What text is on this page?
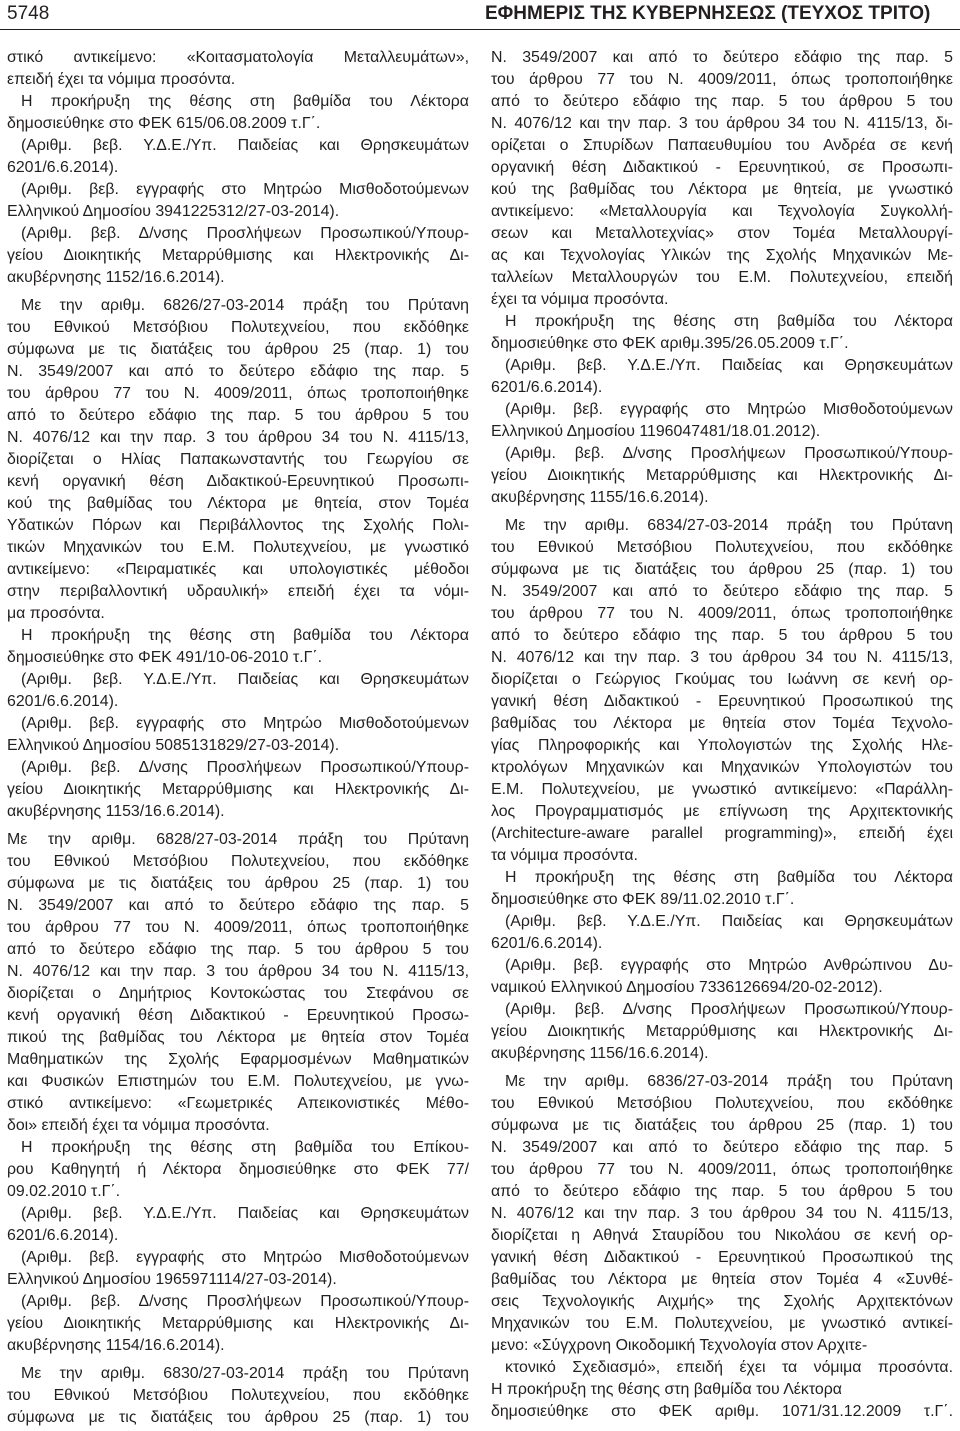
5748	ΕΦΗΜΕΡΙΣ ΤΗΣ ΚΥΒΕΡΝΗΣΕΩΣ (ΤΕΥΧΟΣ ΤΡΙΤΟ)
στικό αντικείμενο: «Κοιτασματολογία Μεταλλευμάτων»,
επειδή έχει τα νόμιμα προσόντα.
Η προκήρυξη της θέσης στη βαθμίδα του Λέκτορα
δημοσιεύθηκε στο ΦΕΚ 615/06.08.2009 τ.Γ΄.
(Αριθμ. βεβ. Υ.Δ.Ε./Υπ. Παιδείας και Θρησκευμάτων
6201/6.6.2014).
(Αριθμ. βεβ. εγγραφής στο Μητρώο Μισθοδοτούμενων
Ελληνικού Δημοσίου 3941225312/27-03-2014).
(Αριθμ. βεβ. Δ/νσης Προσλήψεων Προσωπικού/Υπουρ-
γείου Διοικητικής Μεταρρύθμισης και Ηλεκτρονικής Δι-
ακυβέρνησης 1152/16.6.2014).
Με την αριθμ. 6826/27-03-2014 πράξη του Πρύτανη
του Εθνικού Μετσόβιου Πολυτεχνείου, που εκδόθηκε
σύμφωνα με τις διατάξεις του άρθρου 25 (παρ. 1) του
Ν. 3549/2007 και από το δεύτερο εδάφιο της παρ. 5
του άρθρου 77 του Ν. 4009/2011, όπως τροποποιήθηκε
από το δεύτερο εδάφιο της παρ. 5 του άρθρου 5 του
Ν. 4076/12 και την παρ. 3 του άρθρου 34 του Ν. 4115/13,
διορίζεται ο Ηλίας Παπακωνσταντής του Γεωργίου σε
κενή οργανική θέση Διδακτικού-Ερευνητικού Προσωπι-
κού της βαθμίδας του Λέκτορα με θητεία, στον Τομέα
Υδατικών Πόρων και Περιβάλλοντος της Σχολής Πολι-
τικών Μηχανικών του Ε.Μ. Πολυτεχνείου, με γνωστικό
αντικείμενο: «Πειραματικές και υπολογιστικές μέθοδοι
στην περιβαλλοντική υδραυλική» επειδή έχει τα νόμι-
μα προσόντα.
Η προκήρυξη της θέσης στη βαθμίδα του Λέκτορα
δημοσιεύθηκε στο ΦΕΚ 491/10-06-2010 τ.Γ΄.
(Αριθμ. βεβ. Υ.Δ.Ε./Υπ. Παιδείας και Θρησκευμάτων
6201/6.6.2014).
(Αριθμ. βεβ. εγγραφής στο Μητρώο Μισθοδοτούμενων
Ελληνικού Δημοσίου 5085131829/27-03-2014).
(Αριθμ. βεβ. Δ/νσης Προσλήψεων Προσωπικού/Υπουρ-
γείου Διοικητικής Μεταρρύθμισης και Ηλεκτρονικής Δι-
ακυβέρνησης 1153/16.6.2014).
Με την αριθμ. 6828/27-03-2014 πράξη του Πρύτανη
του Εθνικού Μετσόβιου Πολυτεχνείου, που εκδόθηκε
σύμφωνα με τις διατάξεις του άρθρου 25 (παρ. 1) του
Ν. 3549/2007 και από το δεύτερο εδάφιο της παρ. 5
του άρθρου 77 του Ν. 4009/2011, όπως τροποποιήθηκε
από το δεύτερο εδάφιο της παρ. 5 του άρθρου 5 του
Ν. 4076/12 και την παρ. 3 του άρθρου 34 του Ν. 4115/13,
διορίζεται ο Δημήτριος Κοντοκώστας του Στεφάνου σε
κενή οργανική θέση Διδακτικού - Ερευνητικού Προσω-
πικού της βαθμίδας του Λέκτορα με θητεία στον Τομέα
Μαθηματικών της Σχολής Εφαρμοσμένων Μαθηματικών
και Φυσικών Επιστημών του Ε.Μ. Πολυτεχνείου, με γνω-
στικό αντικείμενο: «Γεωμετρικές Απεικονιστικές Μέθο-
δοι» επειδή έχει τα νόμιμα προσόντα.
Η προκήρυξη της θέσης στη βαθμίδα του Επίκου-
ρου Καθηγητή ή Λέκτορα δημοσιεύθηκε στο ΦΕΚ 77/
09.02.2010 τ.Γ΄.
(Αριθμ. βεβ. Υ.Δ.Ε./Υπ. Παιδείας και Θρησκευμάτων
6201/6.6.2014).
(Αριθμ. βεβ. εγγραφής στο Μητρώο Μισθοδοτούμενων
Ελληνικού Δημοσίου 1965971114/27-03-2014).
(Αριθμ. βεβ. Δ/νσης Προσλήψεων Προσωπικού/Υπουρ-
γείου Διοικητικής Μεταρρύθμισης και Ηλεκτρονικής Δι-
ακυβέρνησης 1154/16.6.2014).
Με την αριθμ. 6830/27-03-2014 πράξη του Πρύτανη
του Εθνικού Μετσόβιου Πολυτεχνείου, που εκδόθηκε
σύμφωνα με τις διατάξεις του άρθρου 25 (παρ. 1) του
Ν. 3549/2007 και από το δεύτερο εδάφιο της παρ. 5
του άρθρου 77 του Ν. 4009/2011, όπως τροποποιήθηκε
από το δεύτερο εδάφιο της παρ. 5 του άρθρου 5 του
Ν. 4076/12 και την παρ. 3 του άρθρου 34 του Ν. 4115/13, δι-
ορίζεται ο Σπυρίδων Παπαευθυμίου του Ανδρέα σε κενή
οργανική θέση Διδακτικού - Ερευνητικού, σε Προσωπι-
κού της βαθμίδας του Λέκτορα με θητεία, με γνωστικό
αντικείμενο: «Μεταλλουργία και Τεχνολογία Συγκολλή-
σεων και Μεταλλοτεχνίας» στον Τομέα Μεταλλουργί-
ας και Τεχνολογίας Υλικών της Σχολής Μηχανικών Με-
ταλλείων Μεταλλουργών του Ε.Μ. Πολυτεχνείου, επειδή
έχει τα νόμιμα προσόντα.
Η προκήρυξη της θέσης στη βαθμίδα του Λέκτορα
δημοσιεύθηκε στο ΦΕΚ αριθμ.395/26.05.2009 τ.Γ΄.
(Αριθμ. βεβ. Υ.Δ.Ε./Υπ. Παιδείας και Θρησκευμάτων
6201/6.6.2014).
(Αριθμ. βεβ. εγγραφής στο Μητρώο Μισθοδοτούμενων
Ελληνικού Δημοσίου 1196047481/18.01.2012).
(Αριθμ. βεβ. Δ/νσης Προσλήψεων Προσωπικού/Υπουρ-
γείου Διοικητικής Μεταρρύθμισης και Ηλεκτρονικής Δι-
ακυβέρνησης 1155/16.6.2014).
Με την αριθμ. 6834/27-03-2014 πράξη του Πρύτανη
του Εθνικού Μετσόβιου Πολυτεχνείου, που εκδόθηκε
σύμφωνα με τις διατάξεις του άρθρου 25 (παρ. 1) του
Ν. 3549/2007 και από το δεύτερο εδάφιο της παρ. 5
του άρθρου 77 του Ν. 4009/2011, όπως τροποποιήθηκε
από το δεύτερο εδάφιο της παρ. 5 του άρθρου 5 του
Ν. 4076/12 και την παρ. 3 του άρθρου 34 του Ν. 4115/13,
διορίζεται ο Γεώργιος Γκούμας του Ιωάννη σε κενή ορ-
γανική θέση Διδακτικού - Ερευνητικού Προσωπικού της
βαθμίδας του Λέκτορα με θητεία στον Τομέα Τεχνολο-
γίας Πληροφορικής και Υπολογιστών της Σχολής Ηλε-
κτρολόγων Μηχανικών και Μηχανικών Υπολογιστών του
Ε.Μ. Πολυτεχνείου, με γνωστικό αντικείμενο: «Παράλλη-
λος Προγραμματισμός με επίγνωση της Αρχιτεκτονικής
(Architecture-aware parallel programming)», επειδή έχει
τα νόμιμα προσόντα.
Η προκήρυξη της θέσης στη βαθμίδα του Λέκτορα
δημοσιεύθηκε στο ΦΕΚ 89/11.02.2010 τ.Γ΄.
(Αριθμ. βεβ. Υ.Δ.Ε./Υπ. Παιδείας και Θρησκευμάτων
6201/6.6.2014).
(Αριθμ. βεβ. εγγραφής στο Μητρώο Ανθρώπινου Δυ-
ναμικού Ελληνικού Δημοσίου 7336126694/20-02-2012).
(Αριθμ. βεβ. Δ/νσης Προσλήψεων Προσωπικού/Υπουρ-
γείου Διοικητικής Μεταρρύθμισης και Ηλεκτρονικής Δι-
ακυβέρνησης 1156/16.6.2014).
Με την αριθμ. 6836/27-03-2014 πράξη του Πρύτανη
του Εθνικού Μετσόβιου Πολυτεχνείου, που εκδόθηκε
σύμφωνα με τις διατάξεις του άρθρου 25 (παρ. 1) του
Ν. 3549/2007 και από το δεύτερο εδάφιο της παρ. 5
του άρθρου 77 του Ν. 4009/2011, όπως τροποποιήθηκε
από το δεύτερο εδάφιο της παρ. 5 του άρθρου 5 του
Ν. 4076/12 και την παρ. 3 του άρθρου 34 του Ν. 4115/13,
διορίζεται η Αθηνά Σταυρίδου του Νικολάου σε κενή ορ-
γανική θέση Διδακτικού - Ερευνητικού Προσωπικού της
βαθμίδας του Λέκτορα με θητεία στον Τομέα 4 «Συνθέ-
σεις Τεχνολογικής Αιχμής» της Σχολής Αρχιτεκτόνων
Μηχανικών του Ε.Μ. Πολυτεχνείου, με γνωστικό αντικεί-
μενο: «Σύγχρονη Οικοδομική Τεχνολογία στον Αρχιτε-
κτονικό Σχεδιασμό», επειδή έχει τα νόμιμα προσόντα.
Η προκήρυξη της θέσης στη βαθμίδα του Λέκτορα
δημοσιεύθηκε στο ΦΕΚ αριθμ. 1071/31.12.2009 τ.Γ΄.
